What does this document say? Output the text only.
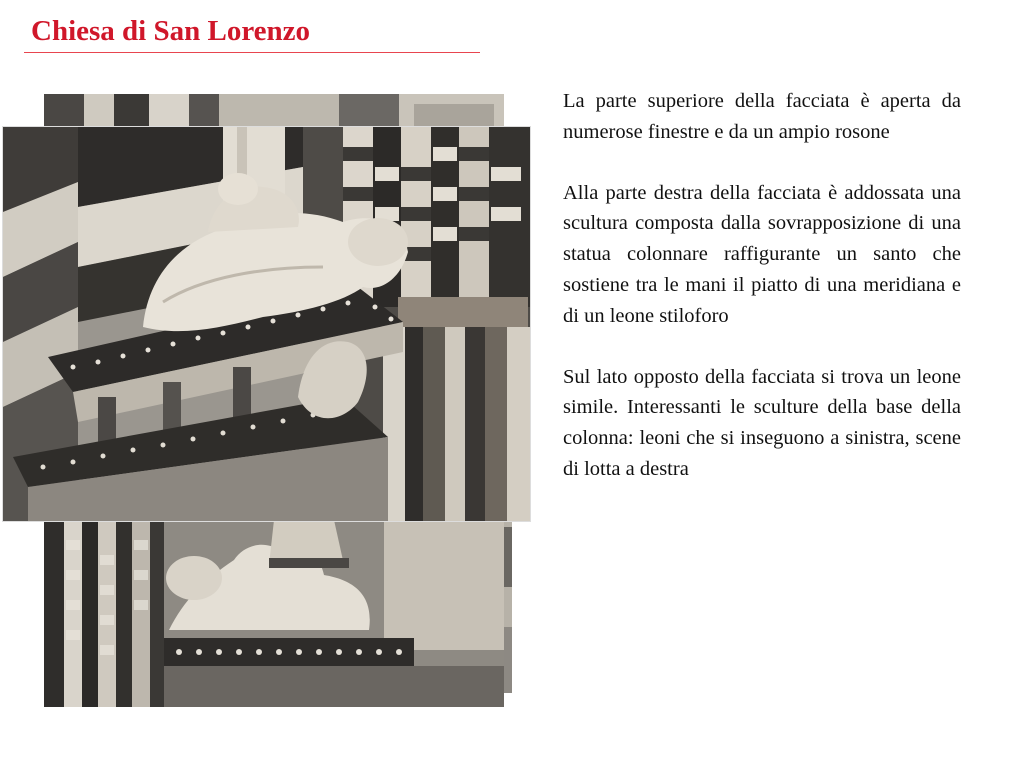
Chiesa di San Lorenzo

La parte superiore della facciata è aperta da numerose finestre e da un ampio rosone

Alla parte destra della facciata è addossata una scultura composta dalla sovrapposizione di una statua colonnare raffigurante un santo che sostiene tra le mani il piatto di una meridiana e di un leone stiloforo

Sul lato opposto della facciata si trova un leone simile. Interessanti le sculture della base della colonna: leoni che si inseguono a sinistra, scene di lotta a destra
